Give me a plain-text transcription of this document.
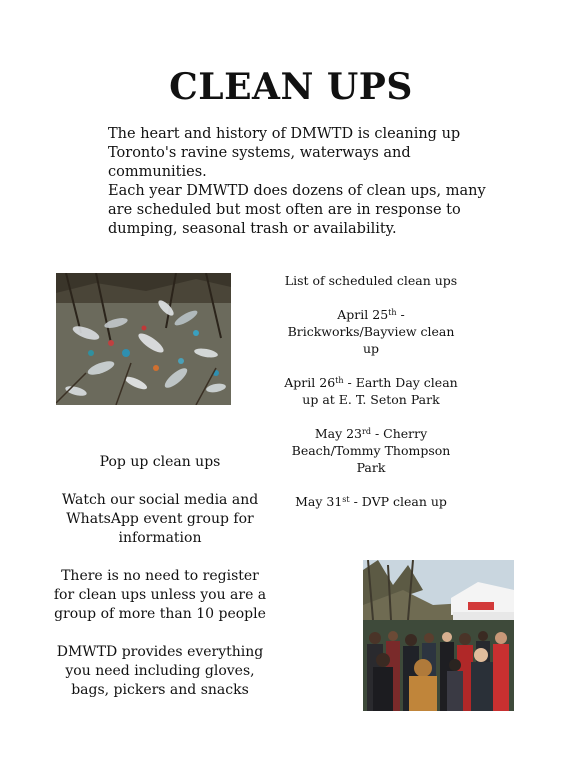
CLEAN UPS

The heart and history of DMWTD is cleaning up Toronto's ravine systems, waterways and communities.

Each year DMWTD does dozens of clean ups, many are scheduled but most often are in response to dumping, seasonal trash or availability.

List of scheduled clean ups

April 25th - Brickworks/Bayview clean up

April 26th - Earth Day clean up at E. T. Seton Park

May 23rd - Cherry Beach/Tommy Thompson Park

May 31st - DVP clean up

Pop up clean ups

Watch our social media and WhatsApp event group for information

There is no need to register for clean ups unless you are a group of more than 10 people

DMWTD provides everything you need including gloves, bags, pickers and snacks
